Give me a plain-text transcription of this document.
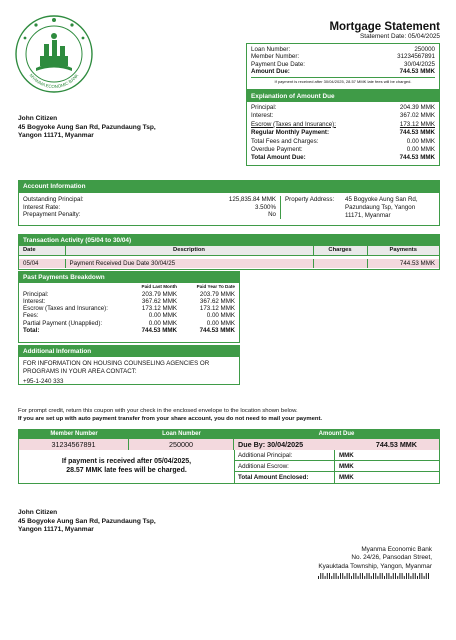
MYANMA ECONOMIC BANK
Mortgage Statement
Statement Date: 05/04/2025
Loan Number:	250000
Member Number:	31234567891
Payment Due Date:	30/04/2025
Amount Due:	744.53 MMK
If payment is received after 30/04/2025, 28.57 MMK late fees will be charged.
Explanation of Amount Due
Principal:	204.39 MMK
Interest:	367.02 MMK
Escrow (Taxes and Insurance):	173.12 MMK
Regular Monthly Payment:	744.53 MMK
Total Fees and Charges:	0.00 MMK
Overdue Payment:	0.00 MMK
Total Amount Due:	744.53 MMK
John Citizen
45 Bogyoke Aung San Rd, Pazundaung Tsp,
Yangon 11171, Myanmar
Account Information
Outstanding Principal:	125,835.84 MMK
Interest Rate:	3.500%
Prepayment Penalty:	No
Property Address:	45 Bogyoke Aung San Rd,
Pazundaung Tsp, Yangon
11171, Myanmar
Transaction Activity (05/04 to 30/04)
Date	Description	Charges	Payments

05/04	Payment Received Due Date 30/04/25		744.53 MMK
Past Payments Breakdown
	Paid Last Month	Paid Year To Date
Principal:	203.79 MMK	203.79 MMK
Interest:	367.62 MMK	367.62 MMK
Escrow (Taxes and Insurance):	173.12 MMK	173.12 MMK
Fees:	0.00 MMK	0.00 MMK
Partial Payment (Unapplied):	0.00 MMK	0.00 MMK
Total:	744.53 MMK	744.53 MMK
Additional Information
FOR INFORMATION ON HOUSING COUNSELING AGENCIES OR
PROGRAMS IN YOUR AREA CONTACT:
+95-1-240 333
For prompt credit, return this coupon with your check in the enclosed envelope to the location shown below.
If you are set up with auto payment transfer from your share account, you do not need to mail your payment.
Member Number	Loan Number	Amount Due
31234567891	250000	Due By: 30/04/2025	744.53 MMK
If payment is received after 05/04/2025,
28.57 MMK late fees will be charged.
Additional Principal:	MMK
Additional Escrow:	MMK
Total Amount Enclosed:	MMK
John Citizen
45 Bogyoke Aung San Rd, Pazundaung Tsp,
Yangon 11171, Myanmar
Myanma Economic Bank
No. 24/26, Pansodan Street,
Kyauktada Township, Yangon, Myanmar
